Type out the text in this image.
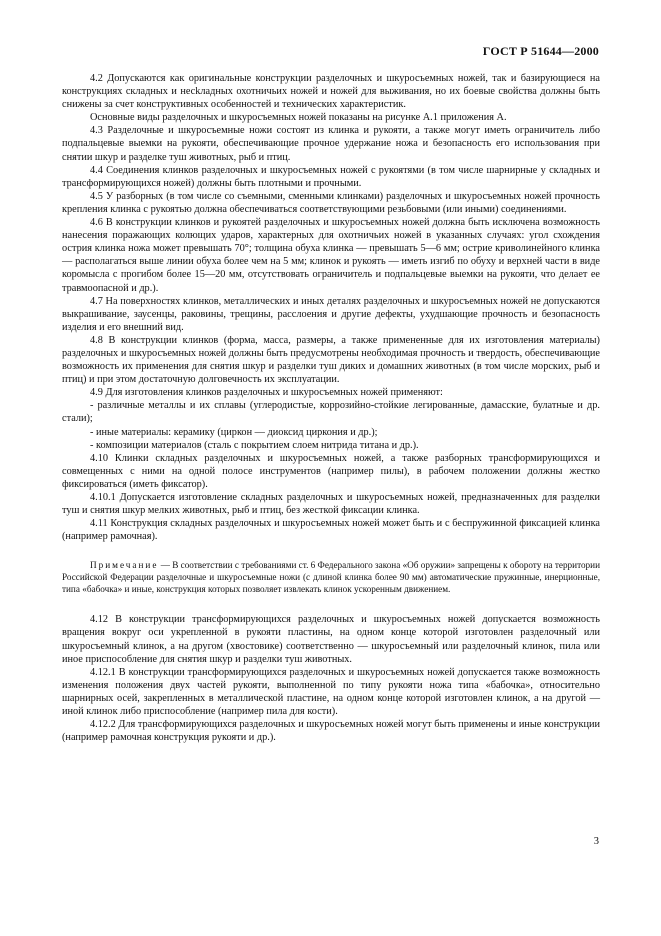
ГОСТ Р 51644—2000

4.2 Допускаются как оригинальные конструкции разделочных и шкуросъемных ножей, так и базирующиеся на конструкциях складных и несkладных охотничьих ножей и ножей для выживания, но их боевые свойства должны быть снижены за счет конструктивных особенностей и технических характеристик.

Основные виды разделочных и шкуросъемных ножей показаны на рисунке А.1 приложения А.

4.3 Разделочные и шкуросъемные ножи состоят из клинка и рукояти, а также могут иметь ограничитель либо подпальцевые выемки на рукояти, обеспечивающие прочное удержание ножа и безопасность его использования при снятии шкур и разделке туш животных, рыб и птиц.

4.4 Соединения клинков разделочных и шкуросъемных ножей с рукоятями (в том числе шарнирные у складных и трансформирующихся ножей) должны быть плотными и прочными.

4.5 У разборных (в том числе со съемными, сменными клинками) разделочных и шкуросъемных ножей прочность крепления клинка с рукоятью должна обеспечиваться соответствующими резьбовыми (или иными) соединениями.

4.6 В конструкции клинков и рукоятей разделочных и шкуросъемных ножей должна быть исключена возможность нанесения поражающих колющих ударов, характерных для охотничьих ножей в указанных случаях: угол схождения острия клинка ножа может превышать 70°; толщина обуха клинка — превышать 5—6 мм; острие криволинейного клинка — располагаться выше линии обуха более чем на 5 мм; клинок и рукоять — иметь изгиб по обуху и верхней части в виде коромысла с прогибом более 15—20 мм, отсутствовать ограничитель и подпальцевые выемки на рукояти, что делает ее травмоопасной и др.).

4.7 На поверхностях клинков, металлических и иных деталях разделочных и шкуросъемных ножей не допускаются выкрашивание, заусенцы, раковины, трещины, расслоения и другие дефекты, ухудшающие прочность и безопасность изделия и его внешний вид.

4.8 В конструкции клинков (форма, масса, размеры, а также примененные для их изготовления материалы) разделочных и шкуросъемных ножей должны быть предусмотрены необходимая прочность и твердость, обеспечивающие возможность их применения для снятия шкур и разделки туш диких и домашних животных (в том числе морских, рыб и птиц) и при этом достаточную долговечность их эксплуатации.

4.9 Для изготовления клинков разделочных и шкуросъемных ножей применяют:

- различные металлы и их сплавы (углеродистые, коррозийно-стойкие легированные, дамасские, булатные и др. стали);

- иные материалы: керамику (циркон — диоксид циркония и др.);

- композиции материалов (сталь с покрытием слоем нитрида титана и др.).

4.10 Клинки складных разделочных и шкуросъемных ножей, а также разборных трансформирующихся и совмещенных с ними на одной полосе инструментов (например пилы), в рабочем положении должны жестко фиксироваться (иметь фиксатор).

4.10.1 Допускается изготовление складных разделочных и шкуросъемных ножей, предназначенных для разделки туш и снятия шкур мелких животных, рыб и птиц, без жесткой фиксации клинка.

4.11 Конструкция складных разделочных и шкуросъемных ножей может быть и с беспружинной фиксацией клинка (например рамочная).

Примечание — В соответствии с требованиями ст. 6 Федерального закона «Об оружии» запрещены к обороту на территории Российской Федерации разделочные и шкуросъемные ножи (с длиной клинка более 90 мм) автоматические пружинные, инерционные, типа «бабочка» и иные, конструкция которых позволяет извлекать клинок ускоренным движением.

4.12 В конструкции трансформирующихся разделочных и шкуросъемных ножей допускается возможность вращения вокруг оси укрепленной в рукояти пластины, на одном конце которой изготовлен разделочный или шкуросъемный клинок, а на другом (хвостовике) соответственно — шкуросъемный или разделочный клинок, пила или иное приспособление для снятия шкур и разделки туш животных.

4.12.1 В конструкции трансформирующихся разделочных и шкуросъемных ножей допускается также возможность изменения положения двух частей рукояти, выполненной по типу рукояти ножа типа «бабочка», относительно шарнирных осей, закрепленных в металлической пластине, на одном конце которой изготовлен клинок, а на другой — иной клинок либо приспособление (например пила для кости).

4.12.2 Для трансформирующихся разделочных и шкуросъемных ножей могут быть применены и иные конструкции (например рамочная конструкция рукояти и др.).

3
